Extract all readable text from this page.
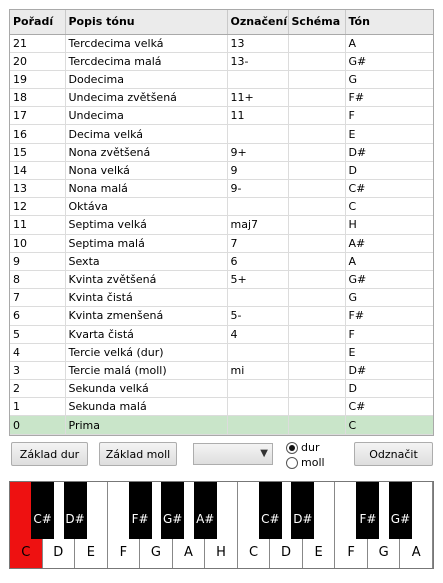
Pořadí	Popis tónu	Označení	Schéma	Tón
21	Tercdecima velká	13		A
20	Tercdecima malá	13-		G#
19	Dodecima			G
18	Undecima zvětšená	11+		F#
17	Undecima	11		F
16	Decima velká			E
15	Nona zvětšená	9+		D#
14	Nona velká	9		D
13	Nona malá	9-		C#
12	Oktáva			C
11	Septima velká	maj7		H
10	Septima malá	7		A#
9	Sexta	6		A
8	Kvinta zvětšená	5+		G#
7	Kvinta čistá			G
6	Kvinta zmenšená	5-		F#
5	Kvarta čistá	4		F
4	Tercie velká (dur)			E
3	Tercie malá (moll)	mi		D#
2	Sekunda velká			D
1	Sekunda malá			C#
0	Prima			C
Základ dur	Základ moll	▼	dur
moll
Odznačit
C	D	E	F	G	A	H	C	D	E	F	G	A
C# D#	F# G# A#	C# D#	F# G#
